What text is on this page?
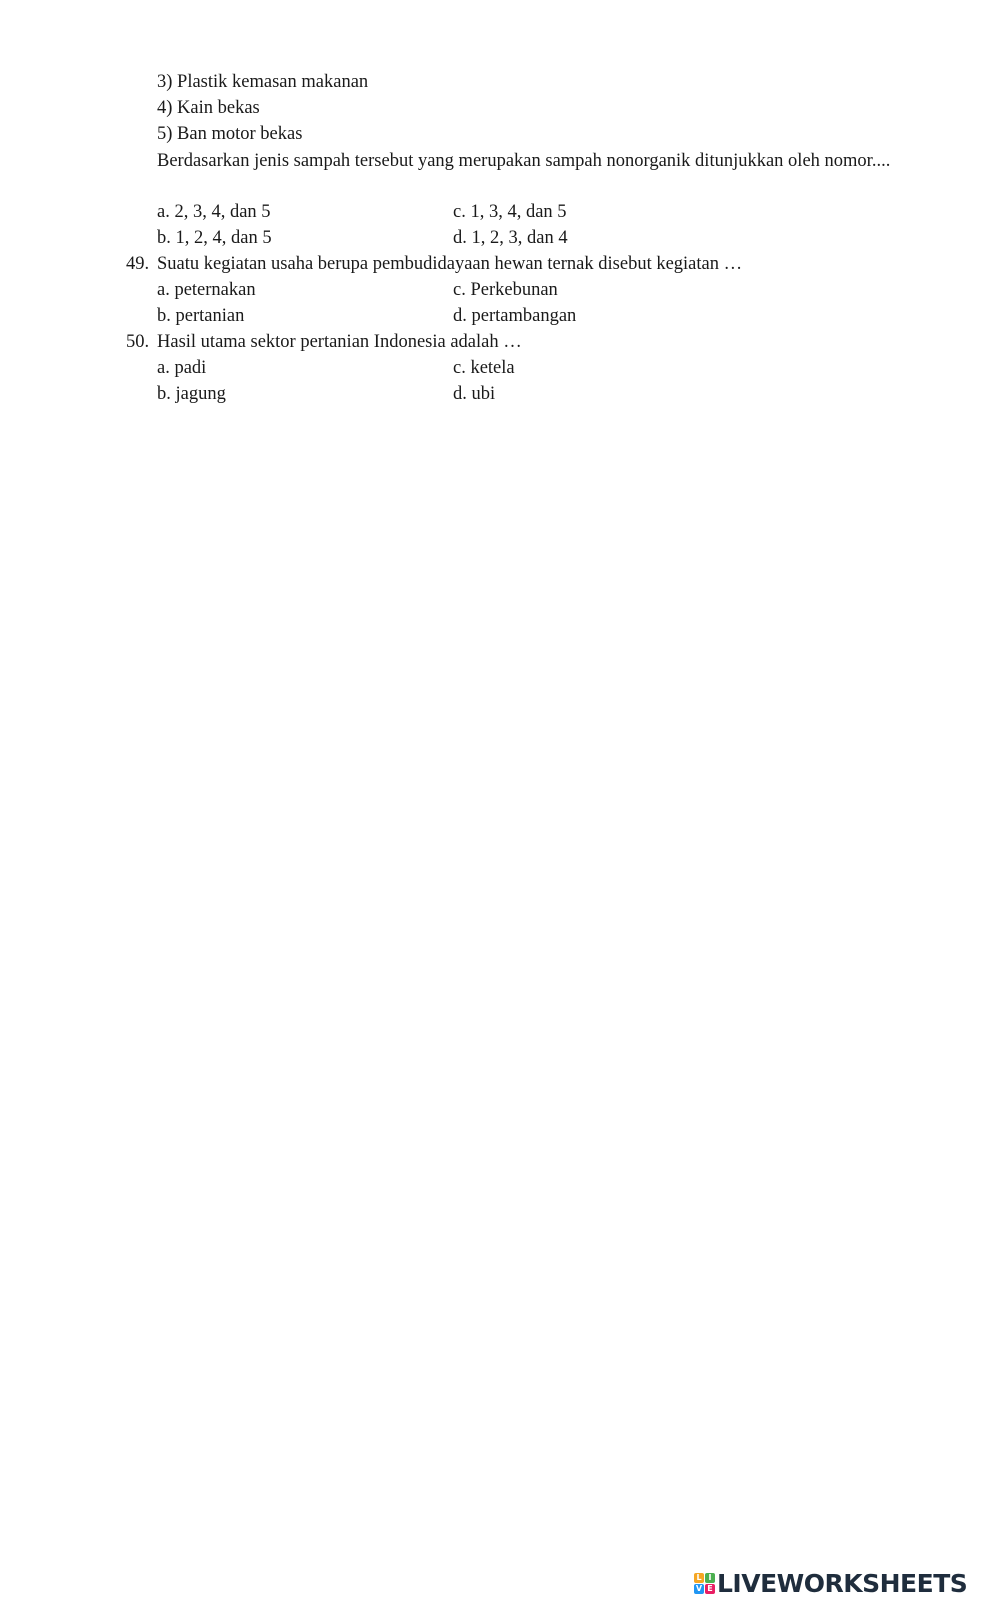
3) Plastik kemasan makanan
4) Kain bekas
5) Ban motor bekas
Berdasarkan jenis sampah tersebut yang merupakan sampah nonorganik ditunjukkan oleh nomor....
a. 2, 3, 4, dan 5	c. 1, 3, 4, dan 5
b. 1, 2, 4, dan 5	d. 1, 2, 3, dan 4
49. Suatu kegiatan usaha berupa pembudidayaan hewan ternak disebut kegiatan …
a. peternakan	c. Perkebunan
b. pertanian	d. pertambangan
50. Hasil utama sektor pertanian Indonesia adalah …
a. padi	c. ketela
b. jagung	d. ubi
L I
V E LIVEWORKSHEETS
